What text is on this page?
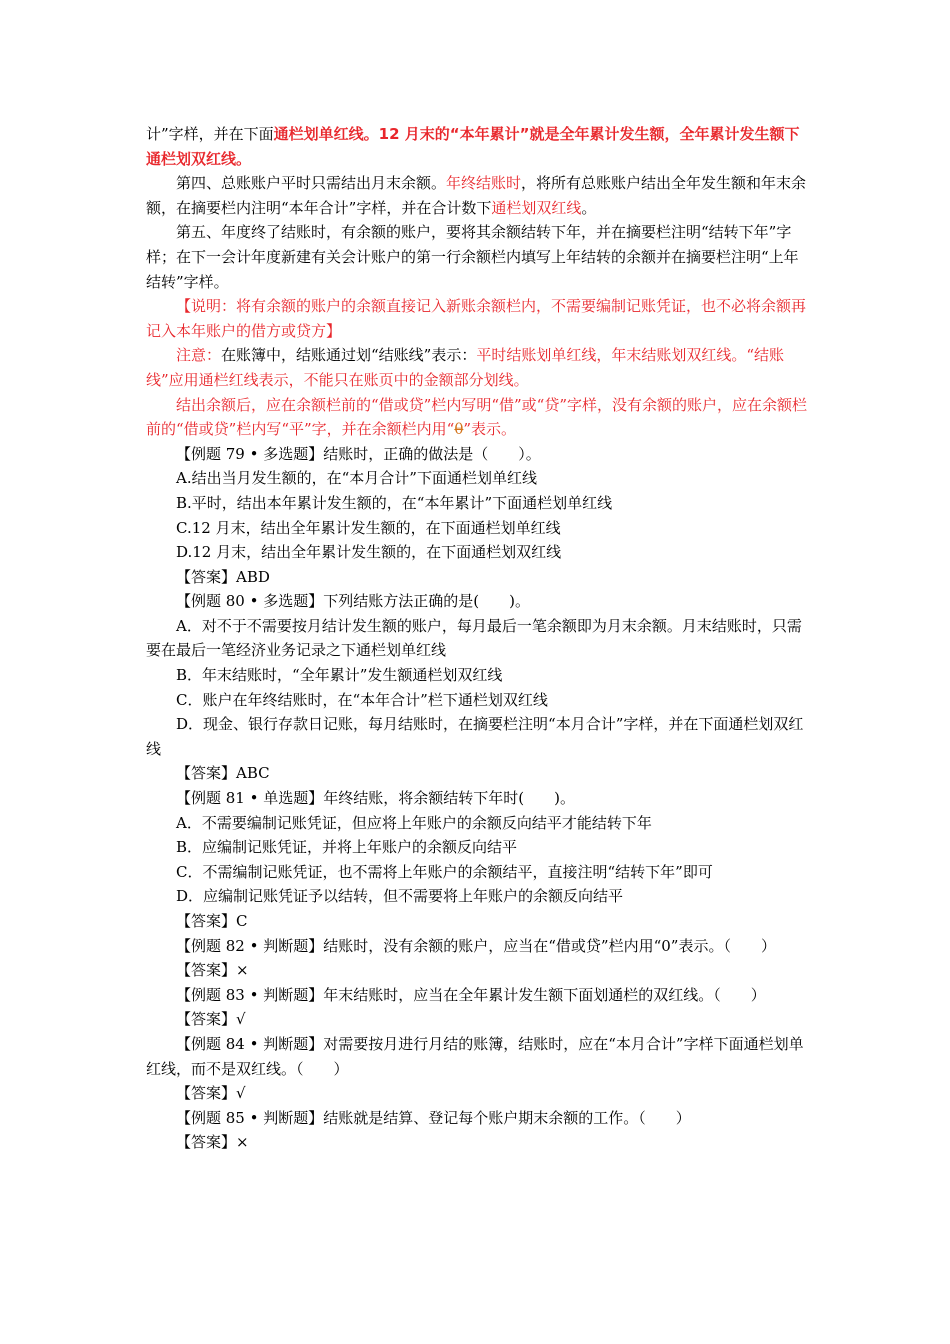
计”字样，并在下面通栏划单红线。12 月末的“本年累计”就是全年累计发生额，全年累计发生额下通栏划双红线。

第四、总账账户平时只需结出月末余额。年终结账时，将所有总账账户结出全年发生额和年末余额，在摘要栏内注明“本年合计”字样，并在合计数下通栏划双红线。

第五、年度终了结账时，有余额的账户，要将其余额结转下年，并在摘要栏注明“结转下年”字样；在下一会计年度新建有关会计账户的第一行余额栏内填写上年结转的余额并在摘要栏注明“上年结转”字样。

【说明：将有余额的账户的余额直接记入新账余额栏内，不需要编制记账凭证，也不必将余额再记入本年账户的借方或贷方】

注意：在账簿中，结账通过划“结账线”表示：平时结账划单红线，年末结账划双红线。“结账线”应用通栏红线表示，不能只在账页中的金额部分划线。

结出余额后，应在余额栏前的“借或贷”栏内写明“借”或“贷”字样，没有余额的账户，应在余额栏前的“借或贷”栏内写“平”字，并在余额栏内用“θ”表示。

【例题 79 • 多选题】结账时，正确的做法是（　　）。

A.结出当月发生额的，在“本月合计”下面通栏划单红线

B.平时，结出本年累计发生额的，在“本年累计”下面通栏划单红线

C.12 月末，结出全年累计发生额的，在下面通栏划单红线

D.12 月末，结出全年累计发生额的，在下面通栏划双红线

【答案】ABD

【例题 80 • 多选题】下列结账方法正确的是(　　)。

A．对不于不需要按月结计发生额的账户，每月最后一笔余额即为月末余额。月末结账时，只需要在最后一笔经济业务记录之下通栏划单红线

B．年末结账时，“全年累计”发生额通栏划双红线

C．账户在年终结账时，在“本年合计”栏下通栏划双红线

D．现金、银行存款日记账，每月结账时，在摘要栏注明“本月合计”字样，并在下面通栏划双红线

【答案】ABC

【例题 81 • 单选题】年终结账，将余额结转下年时(　　)。

A．不需要编制记账凭证，但应将上年账户的余额反向结平才能结转下年

B．应编制记账凭证，并将上年账户的余额反向结平

C．不需编制记账凭证，也不需将上年账户的余额结平，直接注明“结转下年”即可

D．应编制记账凭证予以结转，但不需要将上年账户的余额反向结平

【答案】C

【例题 82 • 判断题】结账时，没有余额的账户，应当在“借或贷”栏内用“0”表示。（　　）

【答案】×

【例题 83 • 判断题】年末结账时，应当在全年累计发生额下面划通栏的双红线。（　　）

【答案】√

【例题 84 • 判断题】对需要按月进行月结的账簿，结账时，应在“本月合计”字样下面通栏划单红线，而不是双红线。（　　）

【答案】√

【例题 85 • 判断题】结账就是结算、登记每个账户期末余额的工作。（　　）

【答案】×
